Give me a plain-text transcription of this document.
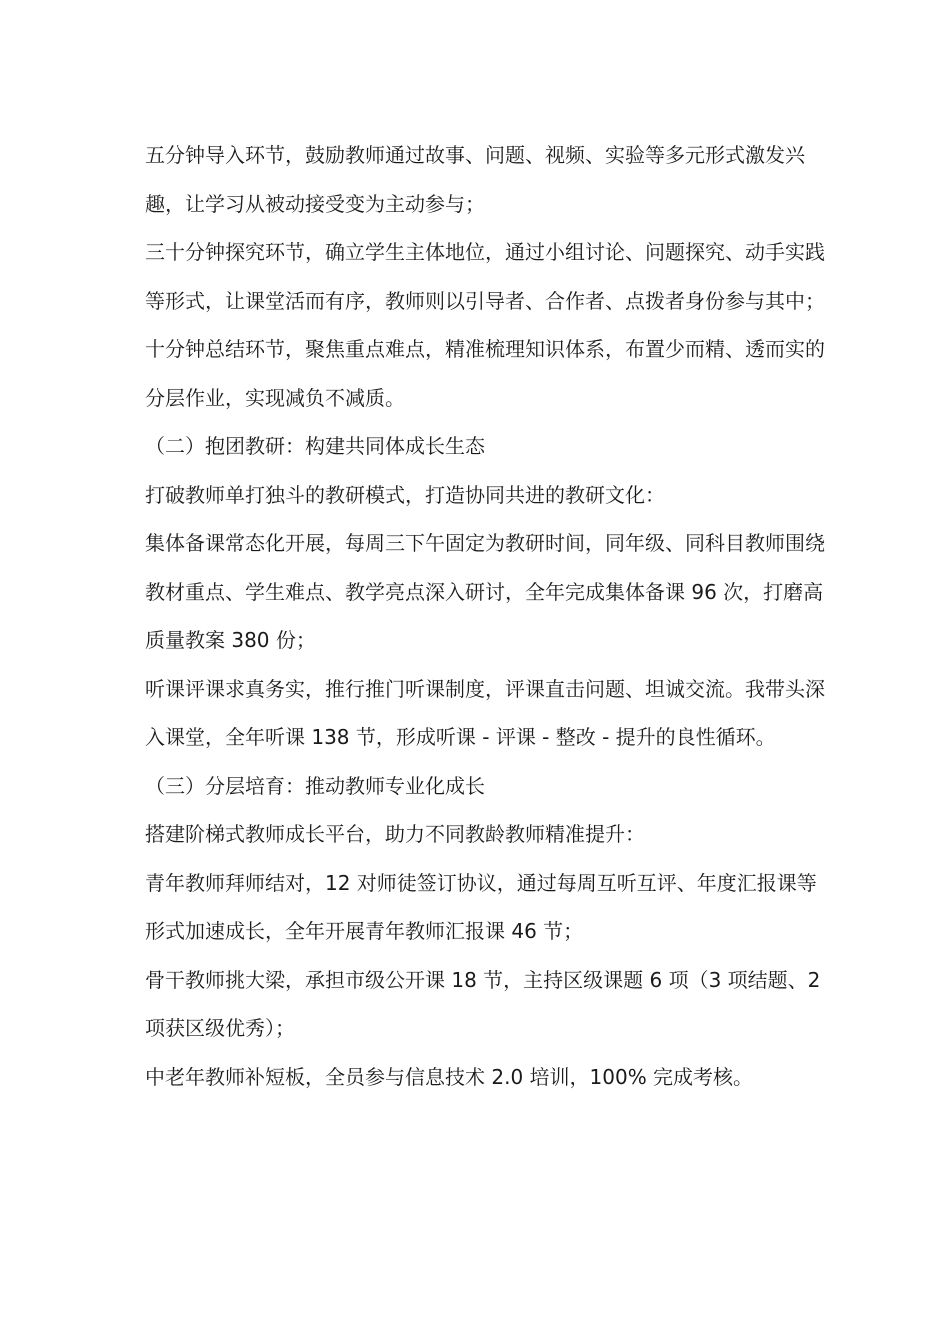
五分钟导入环节，鼓励教师通过故事、问题、视频、实验等多元形式激发兴趣，让学习从被动接受变为主动参与；

三十分钟探究环节，确立学生主体地位，通过小组讨论、问题探究、动手实践等形式，让课堂活而有序，教师则以引导者、合作者、点拨者身份参与其中；

十分钟总结环节，聚焦重点难点，精准梳理知识体系，布置少而精、透而实的分层作业，实现减负不减质。

（二）抱团教研：构建共同体成长生态

打破教师单打独斗的教研模式，打造协同共进的教研文化：

集体备课常态化开展，每周三下午固定为教研时间，同年级、同科目教师围绕教材重点、学生难点、教学亮点深入研讨，全年完成集体备课 96 次，打磨高质量教案 380 份；

听课评课求真务实，推行推门听课制度，评课直击问题、坦诚交流。我带头深入课堂，全年听课 138 节，形成听课 - 评课 - 整改 - 提升的良性循环。

（三）分层培育：推动教师专业化成长

搭建阶梯式教师成长平台，助力不同教龄教师精准提升：

青年教师拜师结对，12 对师徒签订协议，通过每周互听互评、年度汇报课等形式加速成长，全年开展青年教师汇报课 46 节；

骨干教师挑大梁，承担市级公开课 18 节，主持区级课题 6 项（3 项结题、2 项获区级优秀）；

中老年教师补短板，全员参与信息技术 2.0 培训，100% 完成考核。
